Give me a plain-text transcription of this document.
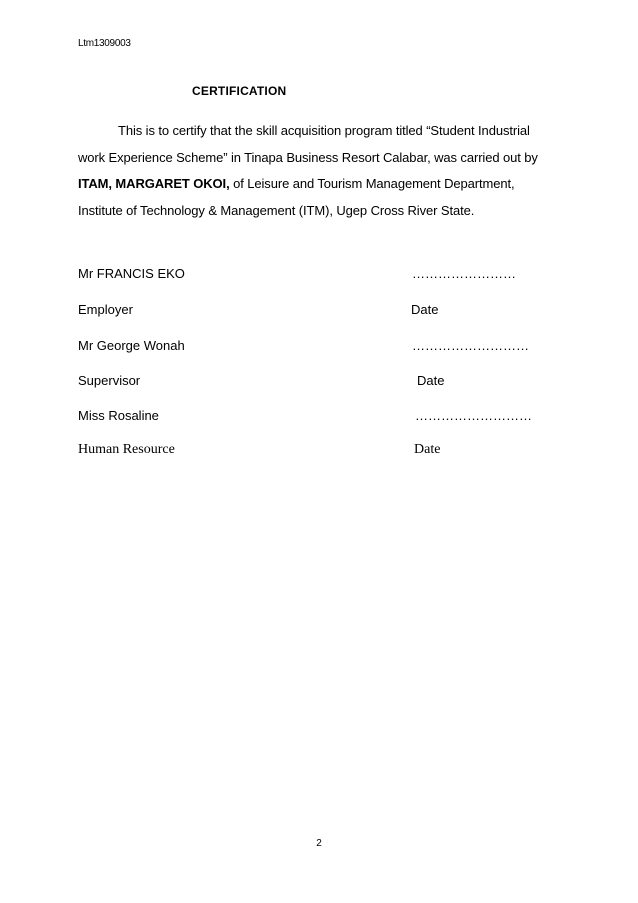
Ltm1309003
CERTIFICATION
This is to certify that the skill acquisition program titled “Student Industrial work Experience Scheme” in Tinapa Business Resort Calabar, was carried out by ITAM, MARGARET OKOI, of Leisure and Tourism Management Department, Institute of Technology & Management (ITM), Ugep Cross River State.
Mr FRANCIS EKO	……………………
Employer	Date
Mr George Wonah	………………………
Supervisor	Date
Miss Rosaline	………………………
Human Resource	Date
2
